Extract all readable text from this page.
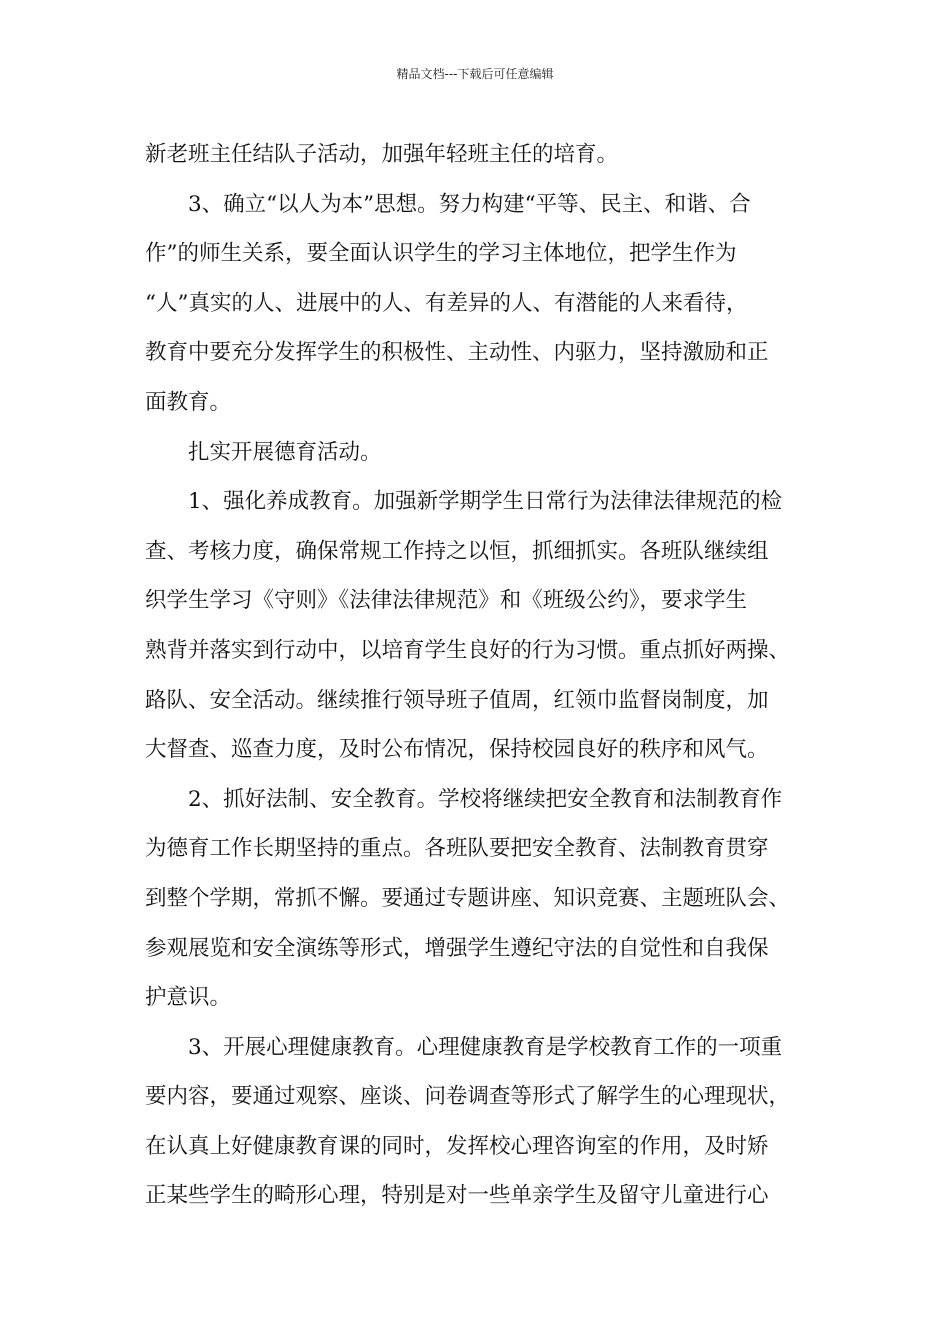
精品文档---下载后可任意编辑
新老班主任结队子活动，加强年轻班主任的培育。
3、确立“以人为本”思想。努力构建“平等、民主、和谐、合
作”的师生关系，要全面认识学生的学习主体地位，把学生作为
“人”真实的人、进展中的人、有差异的人、有潜能的人来看待，
教育中要充分发挥学生的积极性、主动性、内驱力，坚持激励和正
面教育。
扎实开展德育活动。
1、强化养成教育。加强新学期学生日常行为法律法律规范的检
查、考核力度，确保常规工作持之以恒，抓细抓实。各班队继续组
织学生学习《守则》《法律法律规范》和《班级公约》，要求学生
熟背并落实到行动中，以培育学生良好的行为习惯。重点抓好两操、
路队、安全活动。继续推行领导班子值周，红领巾监督岗制度，加
大督查、巡查力度，及时公布情况，保持校园良好的秩序和风气。
2、抓好法制、安全教育。学校将继续把安全教育和法制教育作
为德育工作长期坚持的重点。各班队要把安全教育、法制教育贯穿
到整个学期，常抓不懈。要通过专题讲座、知识竞赛、主题班队会、
参观展览和安全演练等形式，增强学生遵纪守法的自觉性和自我保
护意识。
3、开展心理健康教育。心理健康教育是学校教育工作的一项重
要内容，要通过观察、座谈、问卷调查等形式了解学生的心理现状，
在认真上好健康教育课的同时，发挥校心理咨询室的作用，及时矫
正某些学生的畸形心理，特别是对一些单亲学生及留守儿童进行心
